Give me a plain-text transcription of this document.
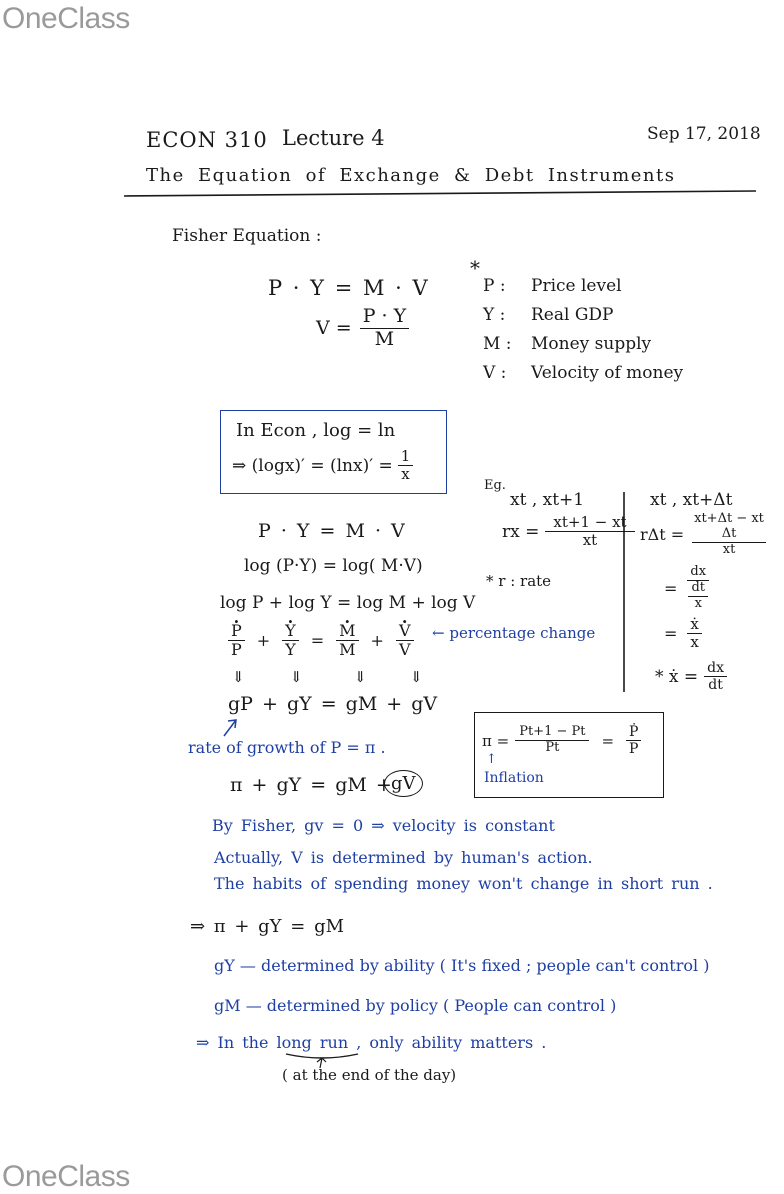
OneClass
OneClass
ECON 310 Lecture 4	Sep 17, 2018
The Equation of Exchange & Debt Instruments
Fisher Equation :
P · Y = M · V
$V = \frac{P \cdot Y}{M}$
*
P : Price level
Y : Real GDP
M : Money supply
V : Velocity of money
In Econ , log = ln
⇒ $(\log x)' = (\ln x)' = \frac{1}{x}$
P · Y = M · V
log (P·Y) = log( M·V)
log P + log Y = log M + log V
· $\frac{P}{P}$ + · $\frac{Y}{Y}$ = · $\frac{M}{M}$ + · $\frac{V}{V}$ ← percentage change
⇓	⇓	⇓	⇓
gP + gY = gM + gV
rate of growth of P = π .
π + gY = gM + gV
Eg.
xt , xt+1
rx = $\frac{xt+1 - xt}{xt}$
* r : rate
xt , xt+Δt
rΔt =
xt+Δt − xt
Δt
xt
=
dx
dt
x
= $\frac{\text{ẋ}}{x}$
* ẋ = $\frac{dx}{dt}$
$\pi = \frac{Pt+1 - Pt}{Pt} = \frac{\text{Ṗ}}{P}$
↑
Inflation
By Fisher, gv = 0 ⇒ velocity is constant
Actually, V is determined by human's action.
The habits of spending money won't change in short run .
⇒ π + gY = gM
gY — determined by ability ( It's fixed ; people can't control )
gM — determined by policy ( People can control )
⇒ In the long run , only ability matters .
( at the end of the day)
